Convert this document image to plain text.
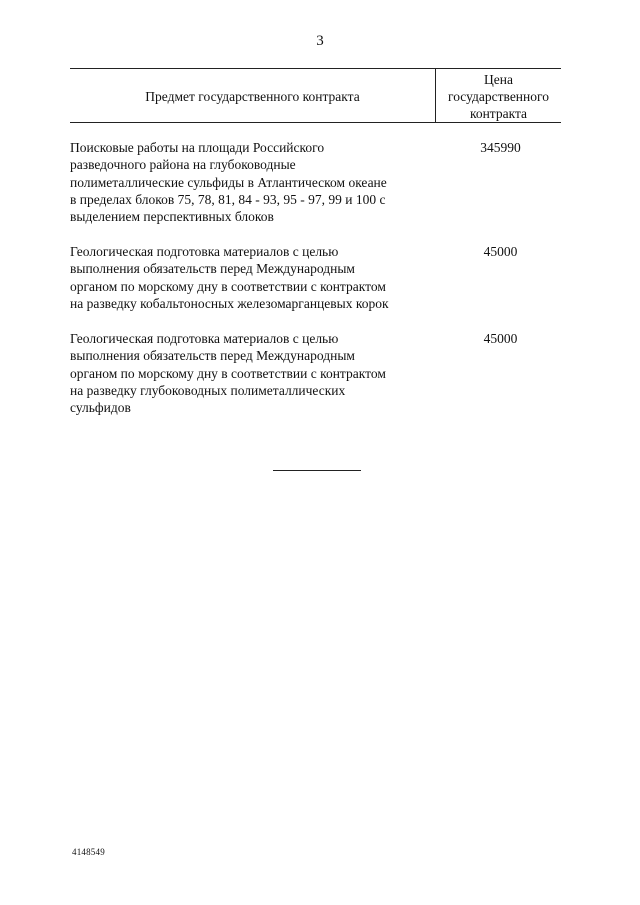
3
Предмет государственного контракта
Цена
государственного
контракта
Поисковые работы на площади Российского
разведочного района на глубоководные
полиметаллические сульфиды в Атлантическом океане
в пределах блоков 75, 78, 81, 84 - 93, 95 - 97, 99 и 100 с
выделением перспективных блоков
345990
Геологическая подготовка материалов с целью
выполнения обязательств перед Международным
органом по морскому дну в соответствии с контрактом
на разведку кобальтоносных железомарганцевых корок
45000
Геологическая подготовка материалов с целью
выполнения обязательств перед Международным
органом по морскому дну в соответствии с контрактом
на разведку глубоководных полиметаллических
сульфидов
45000
4148549
